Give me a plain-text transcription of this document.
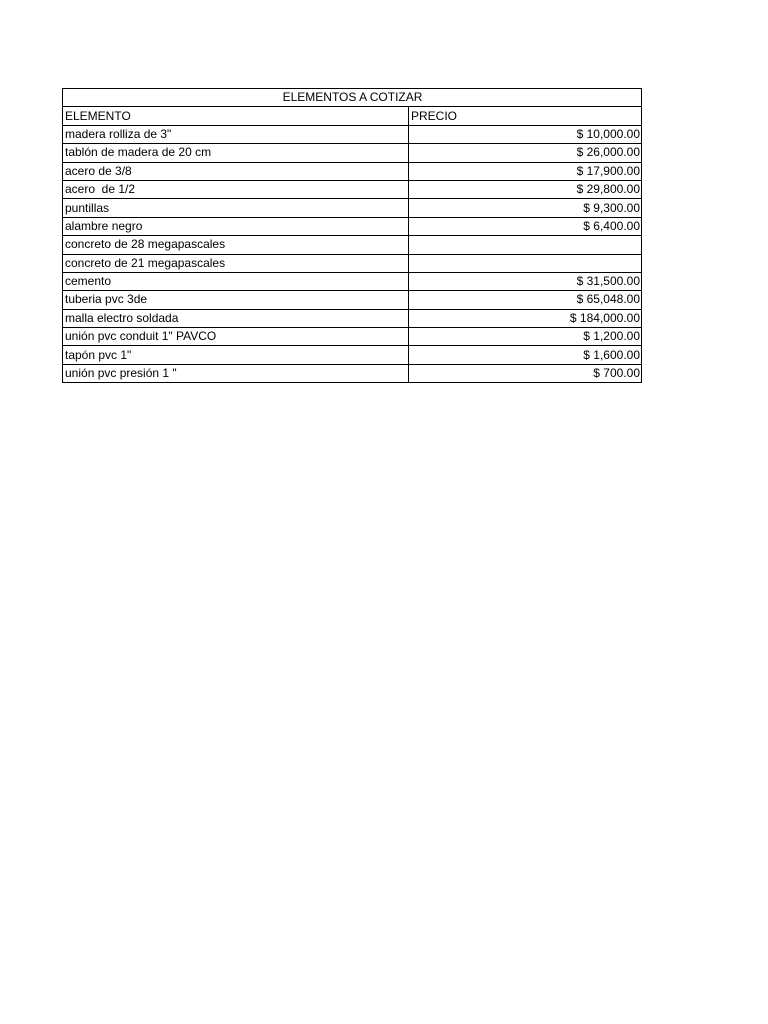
ELEMENTOS A COTIZAR	
ELEMENTO	PRECIO
madera rolliza de 3"	$ 10,000.00
tablón de madera de 20 cm	$ 26,000.00
acero de 3/8	$ 17,900.00
acero  de 1/2	$ 29,800.00
puntillas	$ 9,300.00
alambre negro	$ 6,400.00
concreto de 28 megapascales	
concreto de 21 megapascales	
cemento	$ 31,500.00
tuberia pvc 3de	$ 65,048.00
malla electro soldada	$ 184,000.00
unión pvc conduit 1" PAVCO	$ 1,200.00
tapón pvc 1"	$ 1,600.00
unión pvc presión 1 "	$ 700.00
